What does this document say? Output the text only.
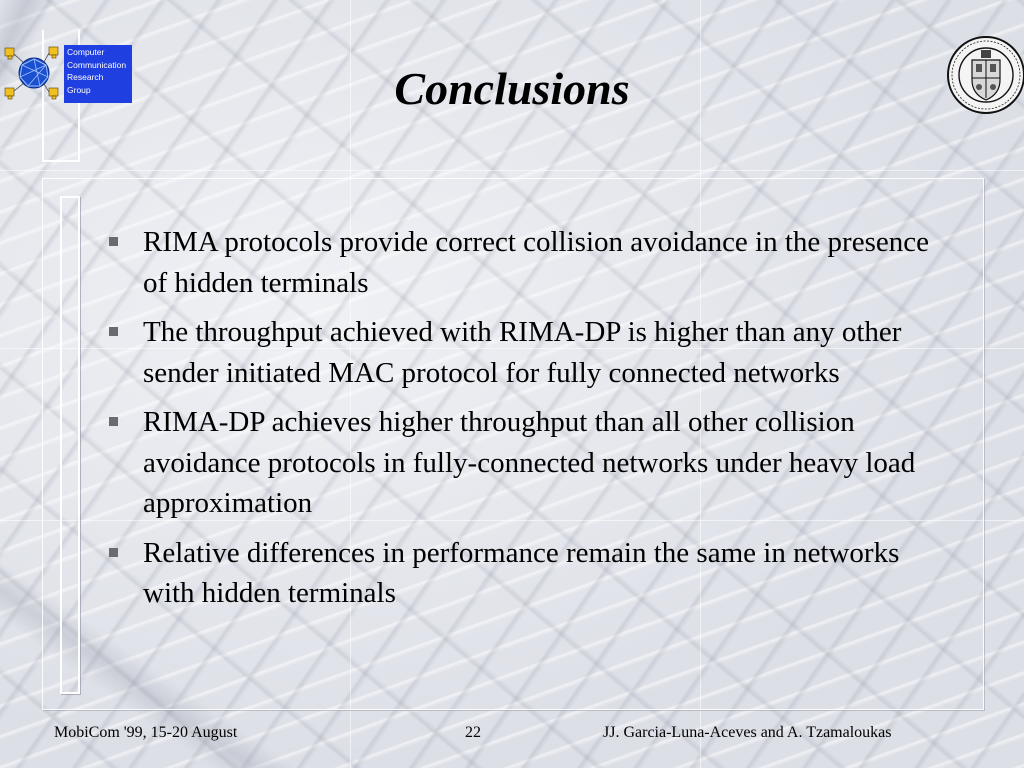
Computer
Communication
Research
Group	Conclusions
RIMA protocols provide correct collision avoidance in the presence of hidden terminals
The throughput achieved with RIMA-DP is higher than any other sender initiated MAC protocol for fully connected networks
RIMA-DP achieves higher throughput than all other collision avoidance protocols in fully-connected networks under heavy load approximation
Relative differences in performance remain the same in networks with hidden terminals
MobiCom '99, 15-20 August	22	JJ. Garcia-Luna-Aceves and A. Tzamaloukas
